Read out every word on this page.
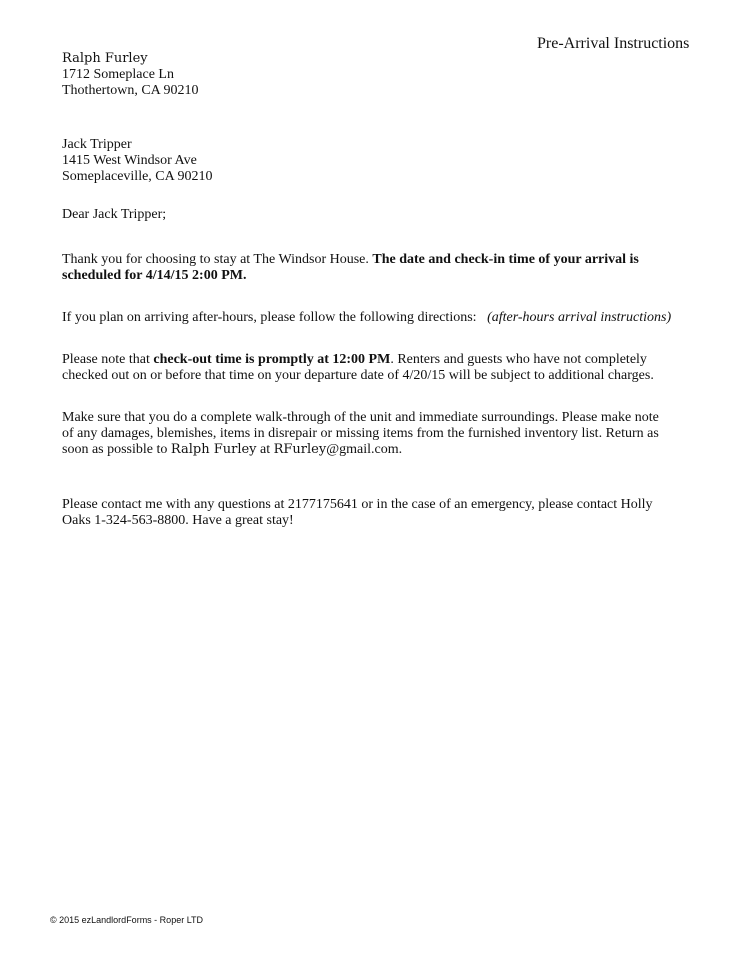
Pre-Arrival Instructions
Ralph Furley
1712 Someplace Ln
Thothertown, CA 90210
Jack Tripper
1415 West Windsor Ave
Someplaceville, CA 90210
Dear Jack Tripper;
Thank you for choosing to stay at The Windsor House. The date and check-in time of your arrival is
scheduled for 4/14/15 2:00 PM.
If you plan on arriving after-hours, please follow the following directions: (after-hours arrival instructions)
Please note that check-out time is promptly at 12:00 PM. Renters and guests who have not completely
checked out on or before that time on your departure date of 4/20/15 will be subject to additional charges.
Make sure that you do a complete walk-through of the unit and immediate surroundings. Please make note
of any damages, blemishes, items in disrepair or missing items from the furnished inventory list. Return as
soon as possible to Ralph Furley at RFurley@gmail.com.
Please contact me with any questions at 2177175641 or in the case of an emergency, please contact Holly
Oaks 1-324-563-8800. Have a great stay!
© 2015 ezLandlordForms - Roper LTD
